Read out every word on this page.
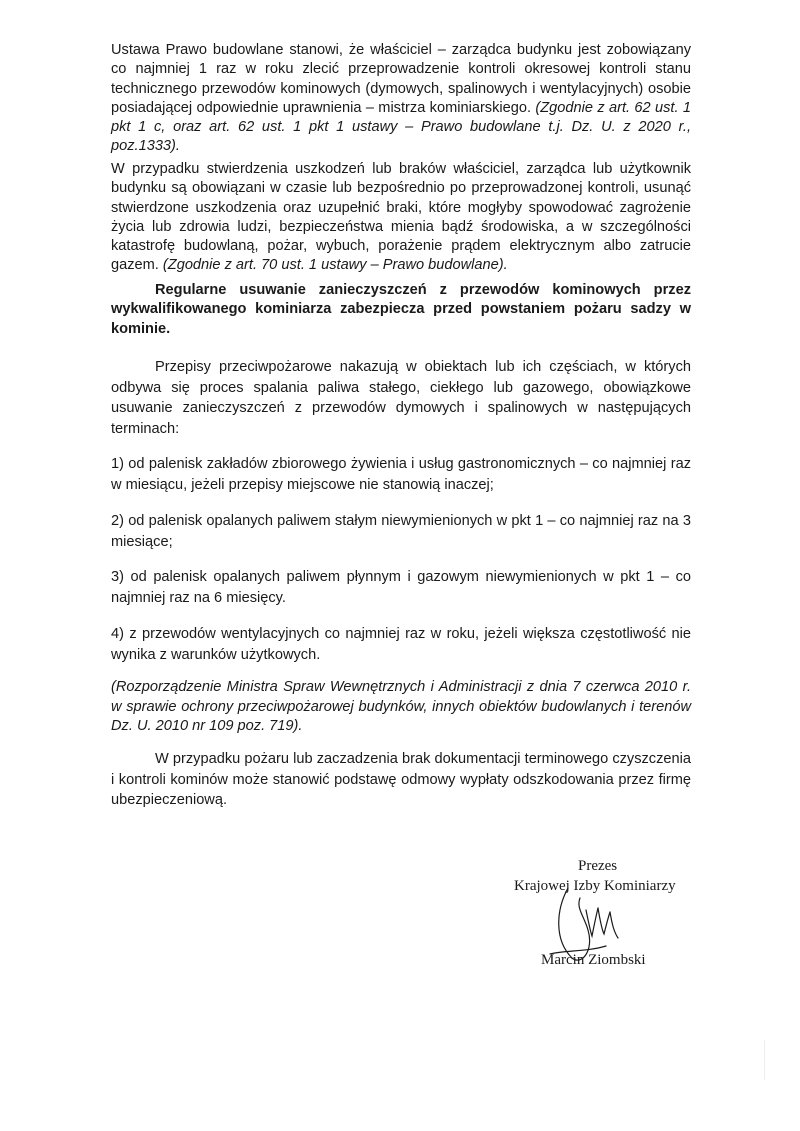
Ustawa Prawo budowlane stanowi, że właściciel – zarządca budynku jest zobowiązany co najmniej 1 raz w roku zlecić przeprowadzenie kontroli okresowej kontroli stanu technicznego przewodów kominowych (dymowych, spalinowych i wentylacyjnych) osobie posiadającej odpowiednie uprawnienia – mistrza kominiarskiego. (Zgodnie z art. 62 ust. 1 pkt 1 c, oraz art. 62 ust. 1 pkt 1 ustawy – Prawo budowlane t.j. Dz. U. z 2020 r., poz.1333).

W przypadku stwierdzenia uszkodzeń lub braków właściciel, zarządca lub użytkownik budynku są obowiązani w czasie lub bezpośrednio po przeprowadzonej kontroli, usunąć stwierdzone uszkodzenia oraz uzupełnić braki, które mogłyby spowodować zagrożenie życia lub zdrowia ludzi, bezpieczeństwa mienia bądź środowiska, a w szczególności katastrofę budowlaną, pożar, wybuch, porażenie prądem elektrycznym albo zatrucie gazem. (Zgodnie z art. 70 ust. 1 ustawy – Prawo budowlane).

Regularne usuwanie zanieczyszczeń z przewodów kominowych przez wykwalifikowanego kominiarza zabezpiecza przed powstaniem pożaru sadzy w kominie.

Przepisy przeciwpożarowe nakazują w obiektach lub ich częściach, w których odbywa się proces spalania paliwa stałego, ciekłego lub gazowego, obowiązkowe usuwanie zanieczyszczeń z przewodów dymowych i spalinowych w następujących terminach:

1) od palenisk zakładów zbiorowego żywienia i usług gastronomicznych – co najmniej raz w miesiącu, jeżeli przepisy miejscowe nie stanowią inaczej;

2) od palenisk opalanych paliwem stałym niewymienionych w pkt 1 – co najmniej raz na 3 miesiące;

3) od palenisk opalanych paliwem płynnym i gazowym niewymienionych w pkt 1 – co najmniej raz na 6 miesięcy.

4) z przewodów wentylacyjnych co najmniej raz w roku, jeżeli większa częstotliwość nie wynika z warunków użytkowych.

(Rozporządzenie Ministra Spraw Wewnętrznych i Administracji z dnia 7 czerwca 2010 r. w sprawie ochrony przeciwpożarowej budynków, innych obiektów budowlanych i terenów Dz. U. 2010 nr 109 poz. 719).

W przypadku pożaru lub zaczadzenia brak dokumentacji terminowego czyszczenia i kontroli kominów może stanowić podstawę odmowy wypłaty odszkodowania przez firmę ubezpieczeniową.

Prezes
Krajowej Izby Kominiarzy
Marcin Ziombski
